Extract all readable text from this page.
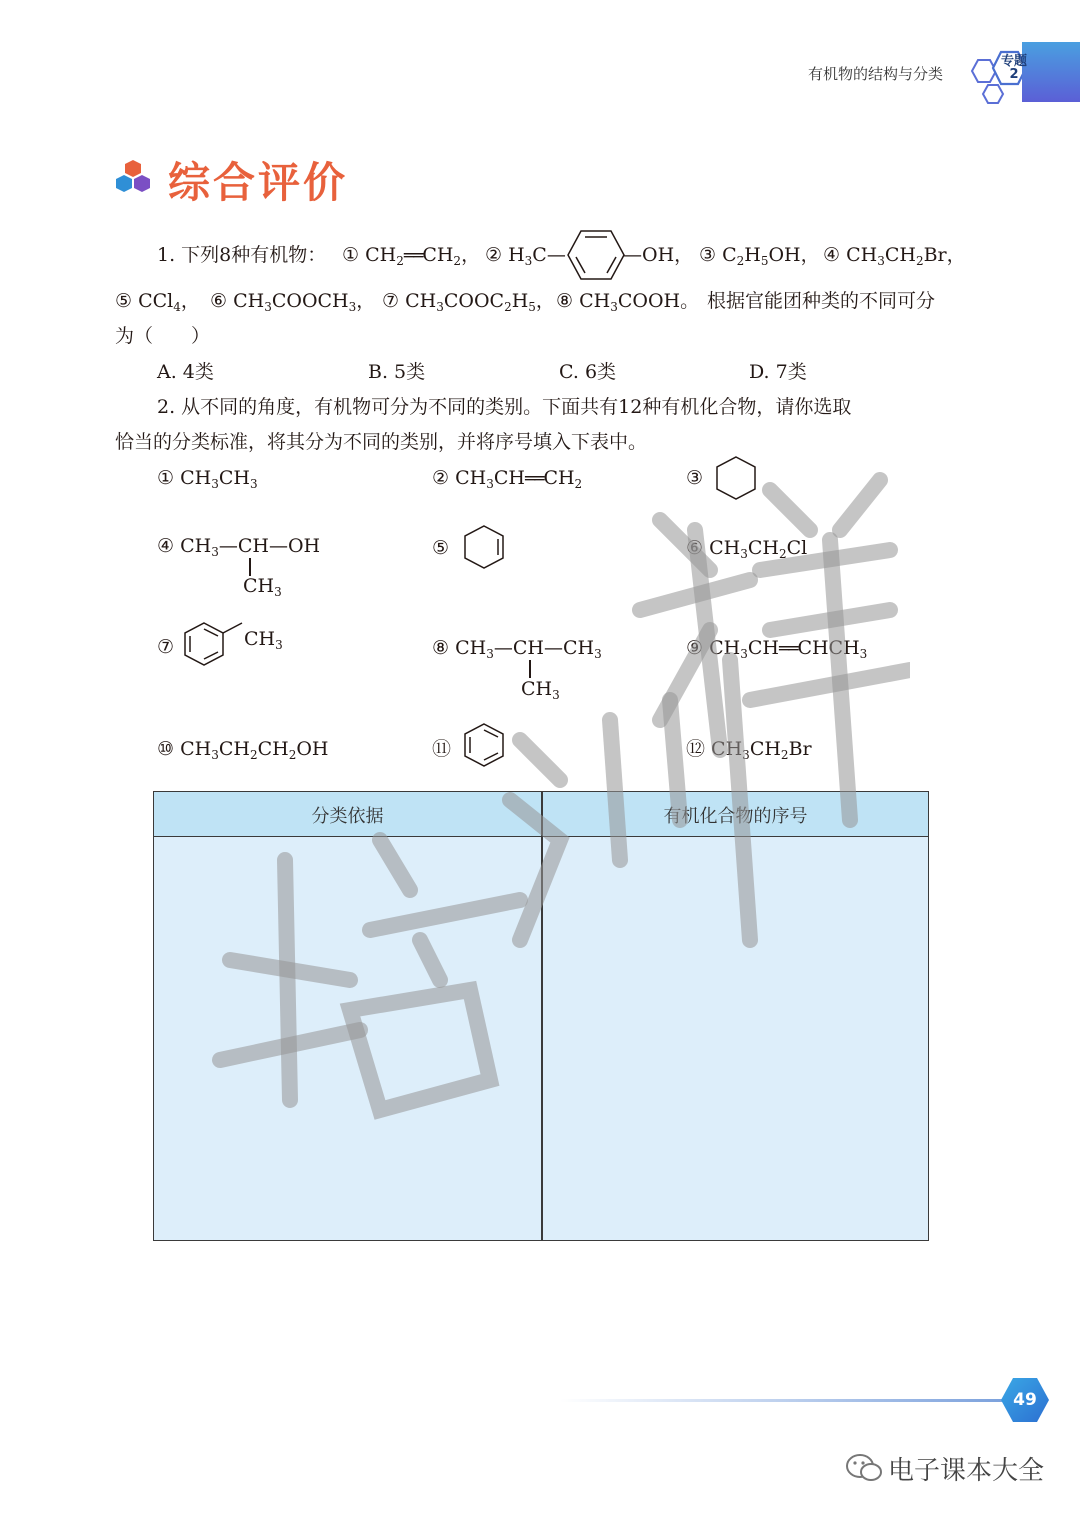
有机物的结构与分类
专题
2
综合评价
1. 下列8种有机物： ① $CH_2══CH_2$， ② $H_3C—$	—OH， ③ $C_2H_5OH$， ④ $CH_3CH_2Br$，
⑤ CCl$_4$， ⑥ $CH_3COOCH_3$， ⑦ $CH_3COOC_2H_5$， ⑧ $CH_3COOH$。 根据官能团种类的不同可分
为（　　）
A. 4类	B. 5类	C. 6类	D. 7类
2. 从不同的角度，有机物可分为不同的类别。下面共有12种有机化合物，请你选取
恰当的分类标准，将其分为不同的类别，并将序号填入下表中。
① $CH_3CH_3$	② $CH_3CH══CH_2$	③
④ $CH_3—CH—OH$
$CH_3$
⑤	⑥ $CH_3CH_2Cl$
⑦	$CH_3$	⑧ $CH_3—CH—CH_3$
$CH_3$
⑨ $CH_3CH══CHCH_3$
⑩ $CH_3CH_2CH_2OH$	⑪	⑫ $CH_3CH_2Br$
分类依据	有机化合物的序号
49
电子课本大全
